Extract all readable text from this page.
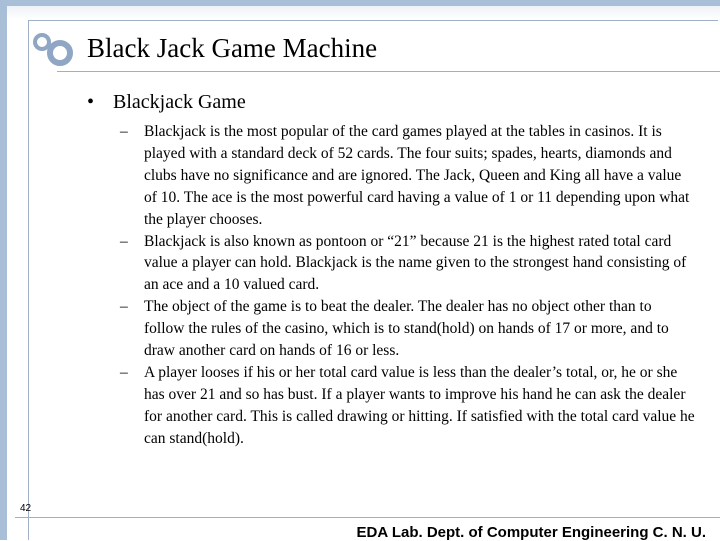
Black Jack Game Machine
• Blackjack Game
–	Blackjack is the most popular of the card games played at the tables in casinos. It is played with a standard deck of 52 cards. The four suits; spades, hearts, diamonds and clubs have no significance and are ignored. The Jack, Queen and King all have a value of 10. The ace is the most powerful card having a value of 1 or 11 depending upon what the player chooses.
–	Blackjack is also known as pontoon or “21” because 21 is the highest rated total card value a player can hold. Blackjack is the name given to the strongest hand consisting of an ace and a 10 valued card.
–	The object of the game is to beat the dealer. The dealer has no object other than to follow the rules of the casino, which is to stand(hold) on hands of 17 or more, and to draw another card on hands of 16 or less.
–	A player looses if his or her total card value is less than the dealer’s total, or, he or she has over 21 and so has bust. If a player wants to improve his hand he can ask the dealer for another card. This is called drawing or hitting. If satisfied with the total card value he can stand(hold).
42
EDA Lab. Dept. of Computer Engineering C. N. U.
